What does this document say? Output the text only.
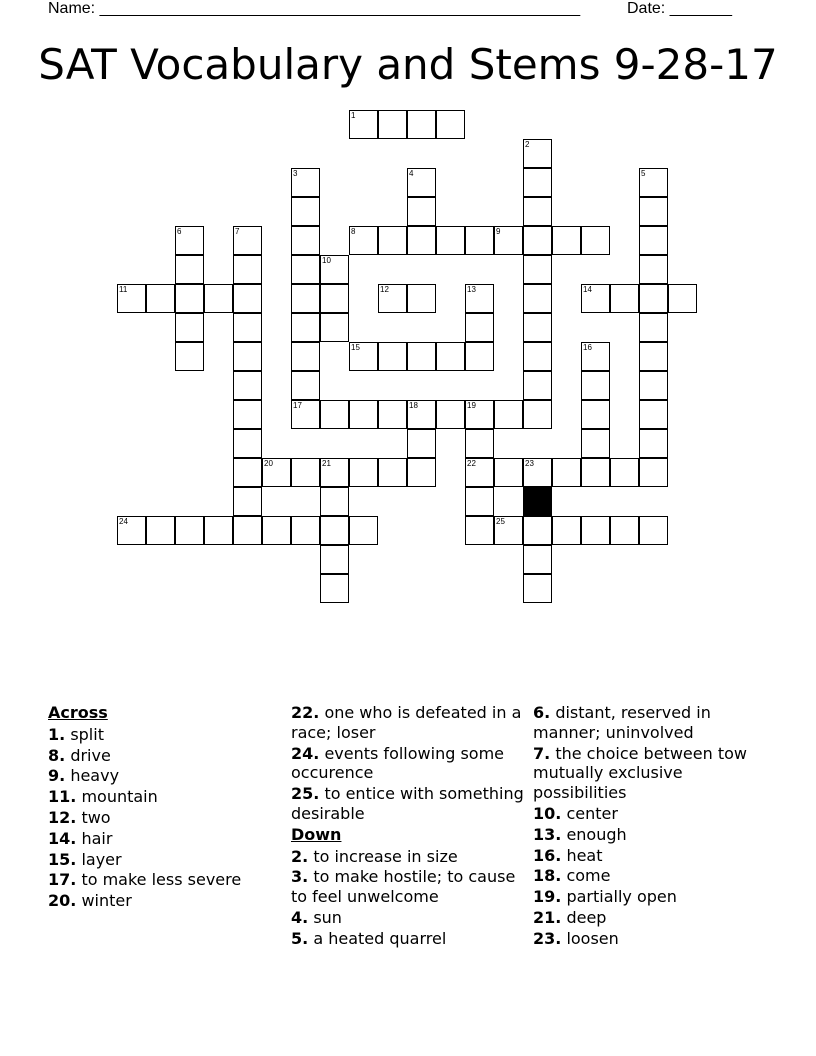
Name: ______________________________________________________	Date: _______
SAT Vocabulary and Stems 9-28-17
1
2
3
17
4	5
6	7	8	9
10
11	12	13	14
15	16
18	19
22
20	21	23
24	25
Across
1. split
8. drive
9. heavy
11. mountain
12. two
14. hair
15. layer
17. to make less severe
20. winter
22. one who is defeated in a race; loser
24. events following some occurence
25. to entice with something desirable
Down
2. to increase in size
3. to make hostile; to cause to feel unwelcome
4. sun
5. a heated quarrel
6. distant, reserved in manner; uninvolved
7. the choice between tow mutually exclusive possibilities
10. center
13. enough
16. heat
18. come
19. partially open
21. deep
23. loosen
